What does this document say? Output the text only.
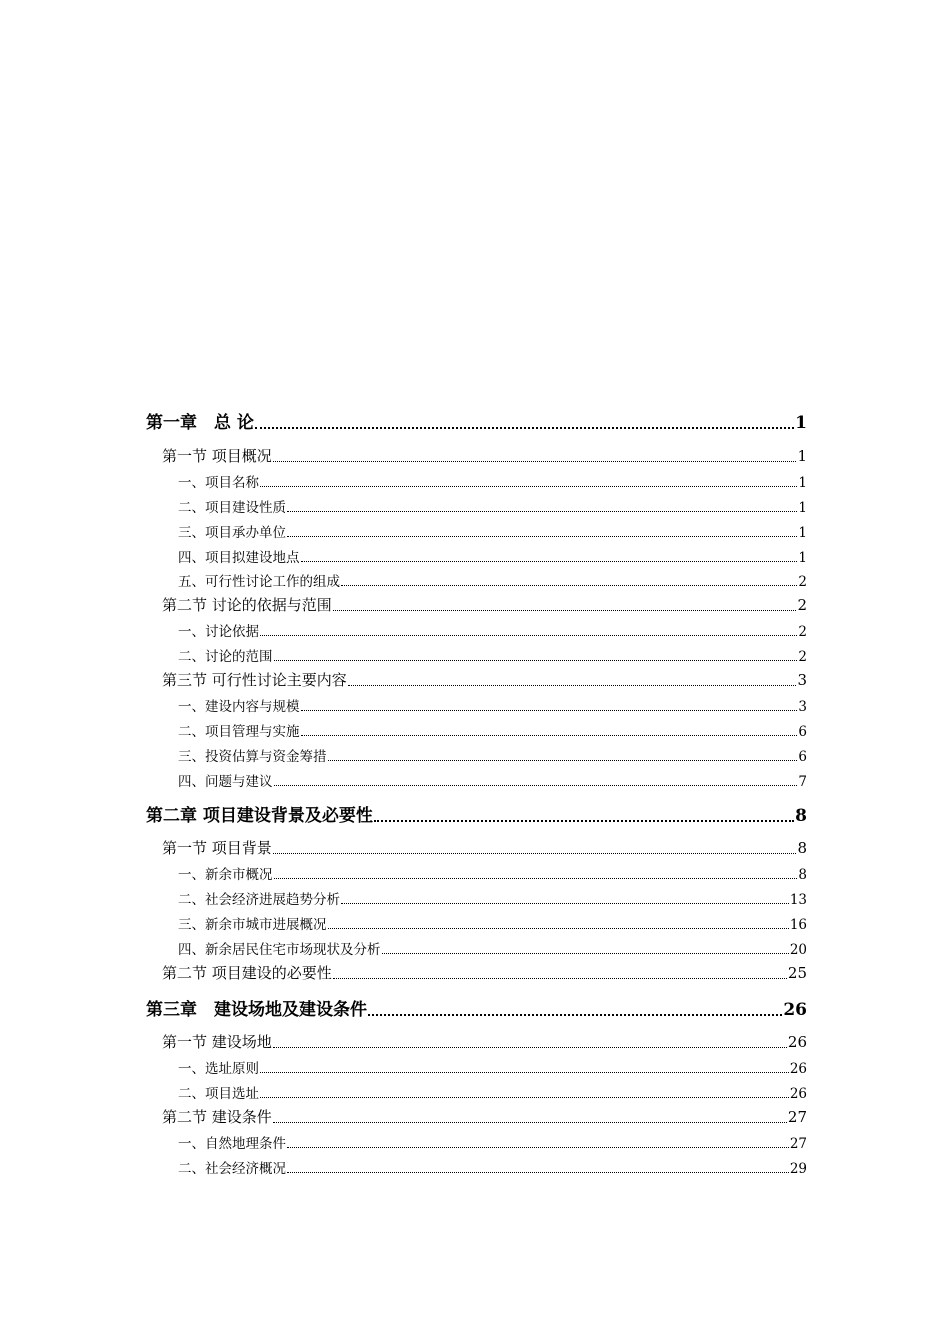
第一章　总 论	1
第一节 项目概况	1
一、项目名称	1
二、项目建设性质	1
三、项目承办单位	1
四、项目拟建设地点	1
五、可行性讨论工作的组成	2
第二节 讨论的依据与范围	2
一、讨论依据	2
二、讨论的范围	2
第三节 可行性讨论主要内容	3
一、建设内容与规模	3
二、项目管理与实施	6
三、投资估算与资金筹措	6
四、问题与建议	7
第二章 项目建设背景及必要性	8
第一节 项目背景	8
一、新余市概况	8
二、社会经济进展趋势分析	13
三、新余市城市进展概况	16
四、新余居民住宅市场现状及分析	20
第二节 项目建设的必要性	25
第三章　建设场地及建设条件	26
第一节 建设场地	26
一、选址原则	26
二、项目选址	26
第二节 建设条件	27
一、自然地理条件	27
二、社会经济概况	29
